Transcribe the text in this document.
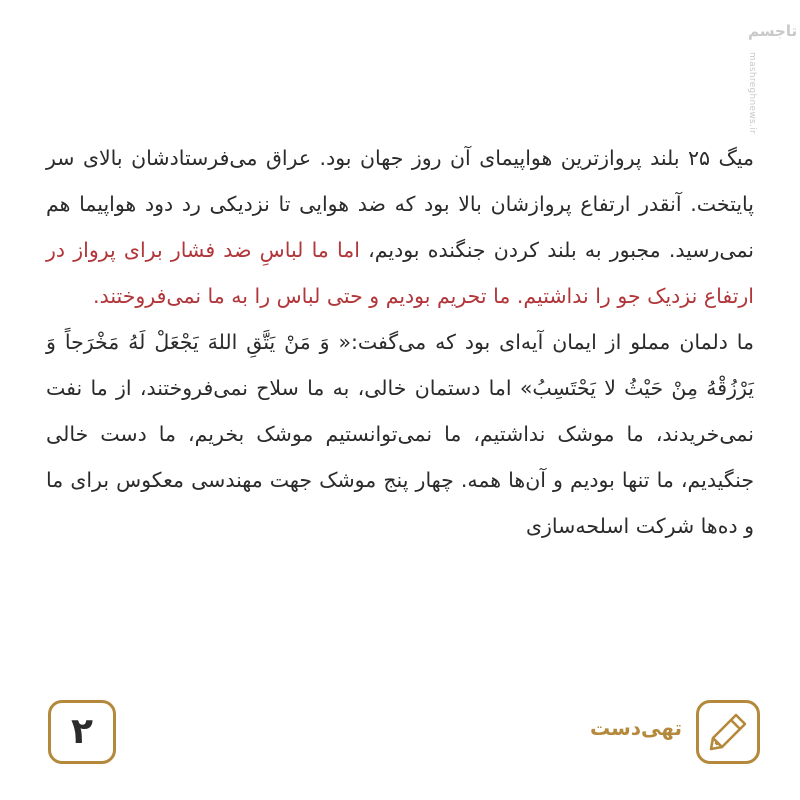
تاجسم
mashreghnews.ir

میگ ۲۵ بلند پروازترین هواپیمای آن روز جهان بود. عراق می‌فرستادشان بالای سر پایتخت. آنقدر ارتفاع پروازشان بالا بود که ضد هوایی تا نزدیکی رد دود هواپیما هم نمی‌رسید. مجبور به بلند کردن جنگنده بودیم، اما ما لباسِ ضد فشار برای پرواز در ارتفاع نزدیک جو را نداشتیم. ما تحریم بودیم و حتی لباس را به ما نمی‌فروختند.

ما دلمان مملو از ایمان آیه‌ای بود که می‌گفت:« وَ مَنْ یَتَّقِ اللهَ یَجْعَلْ لَهُ مَخْرَجاً وَ یَرْزُقْهُ مِنْ حَیْثُ لا یَحْتَسِبُ» اما دستمان خالی، به ما سلاح نمی‌فروختند، از ما نفت نمی‌خریدند، ما موشک نداشتیم، ما نمی‌توانستیم موشک بخریم، ما دست خالی جنگیدیم، ما تنها بودیم و آن‌ها همه. چهار پنج موشک جهت مهندسی معکوس برای ما و ده‌ها شرکت اسلحه‌سازی

تهی‌دست
۲
